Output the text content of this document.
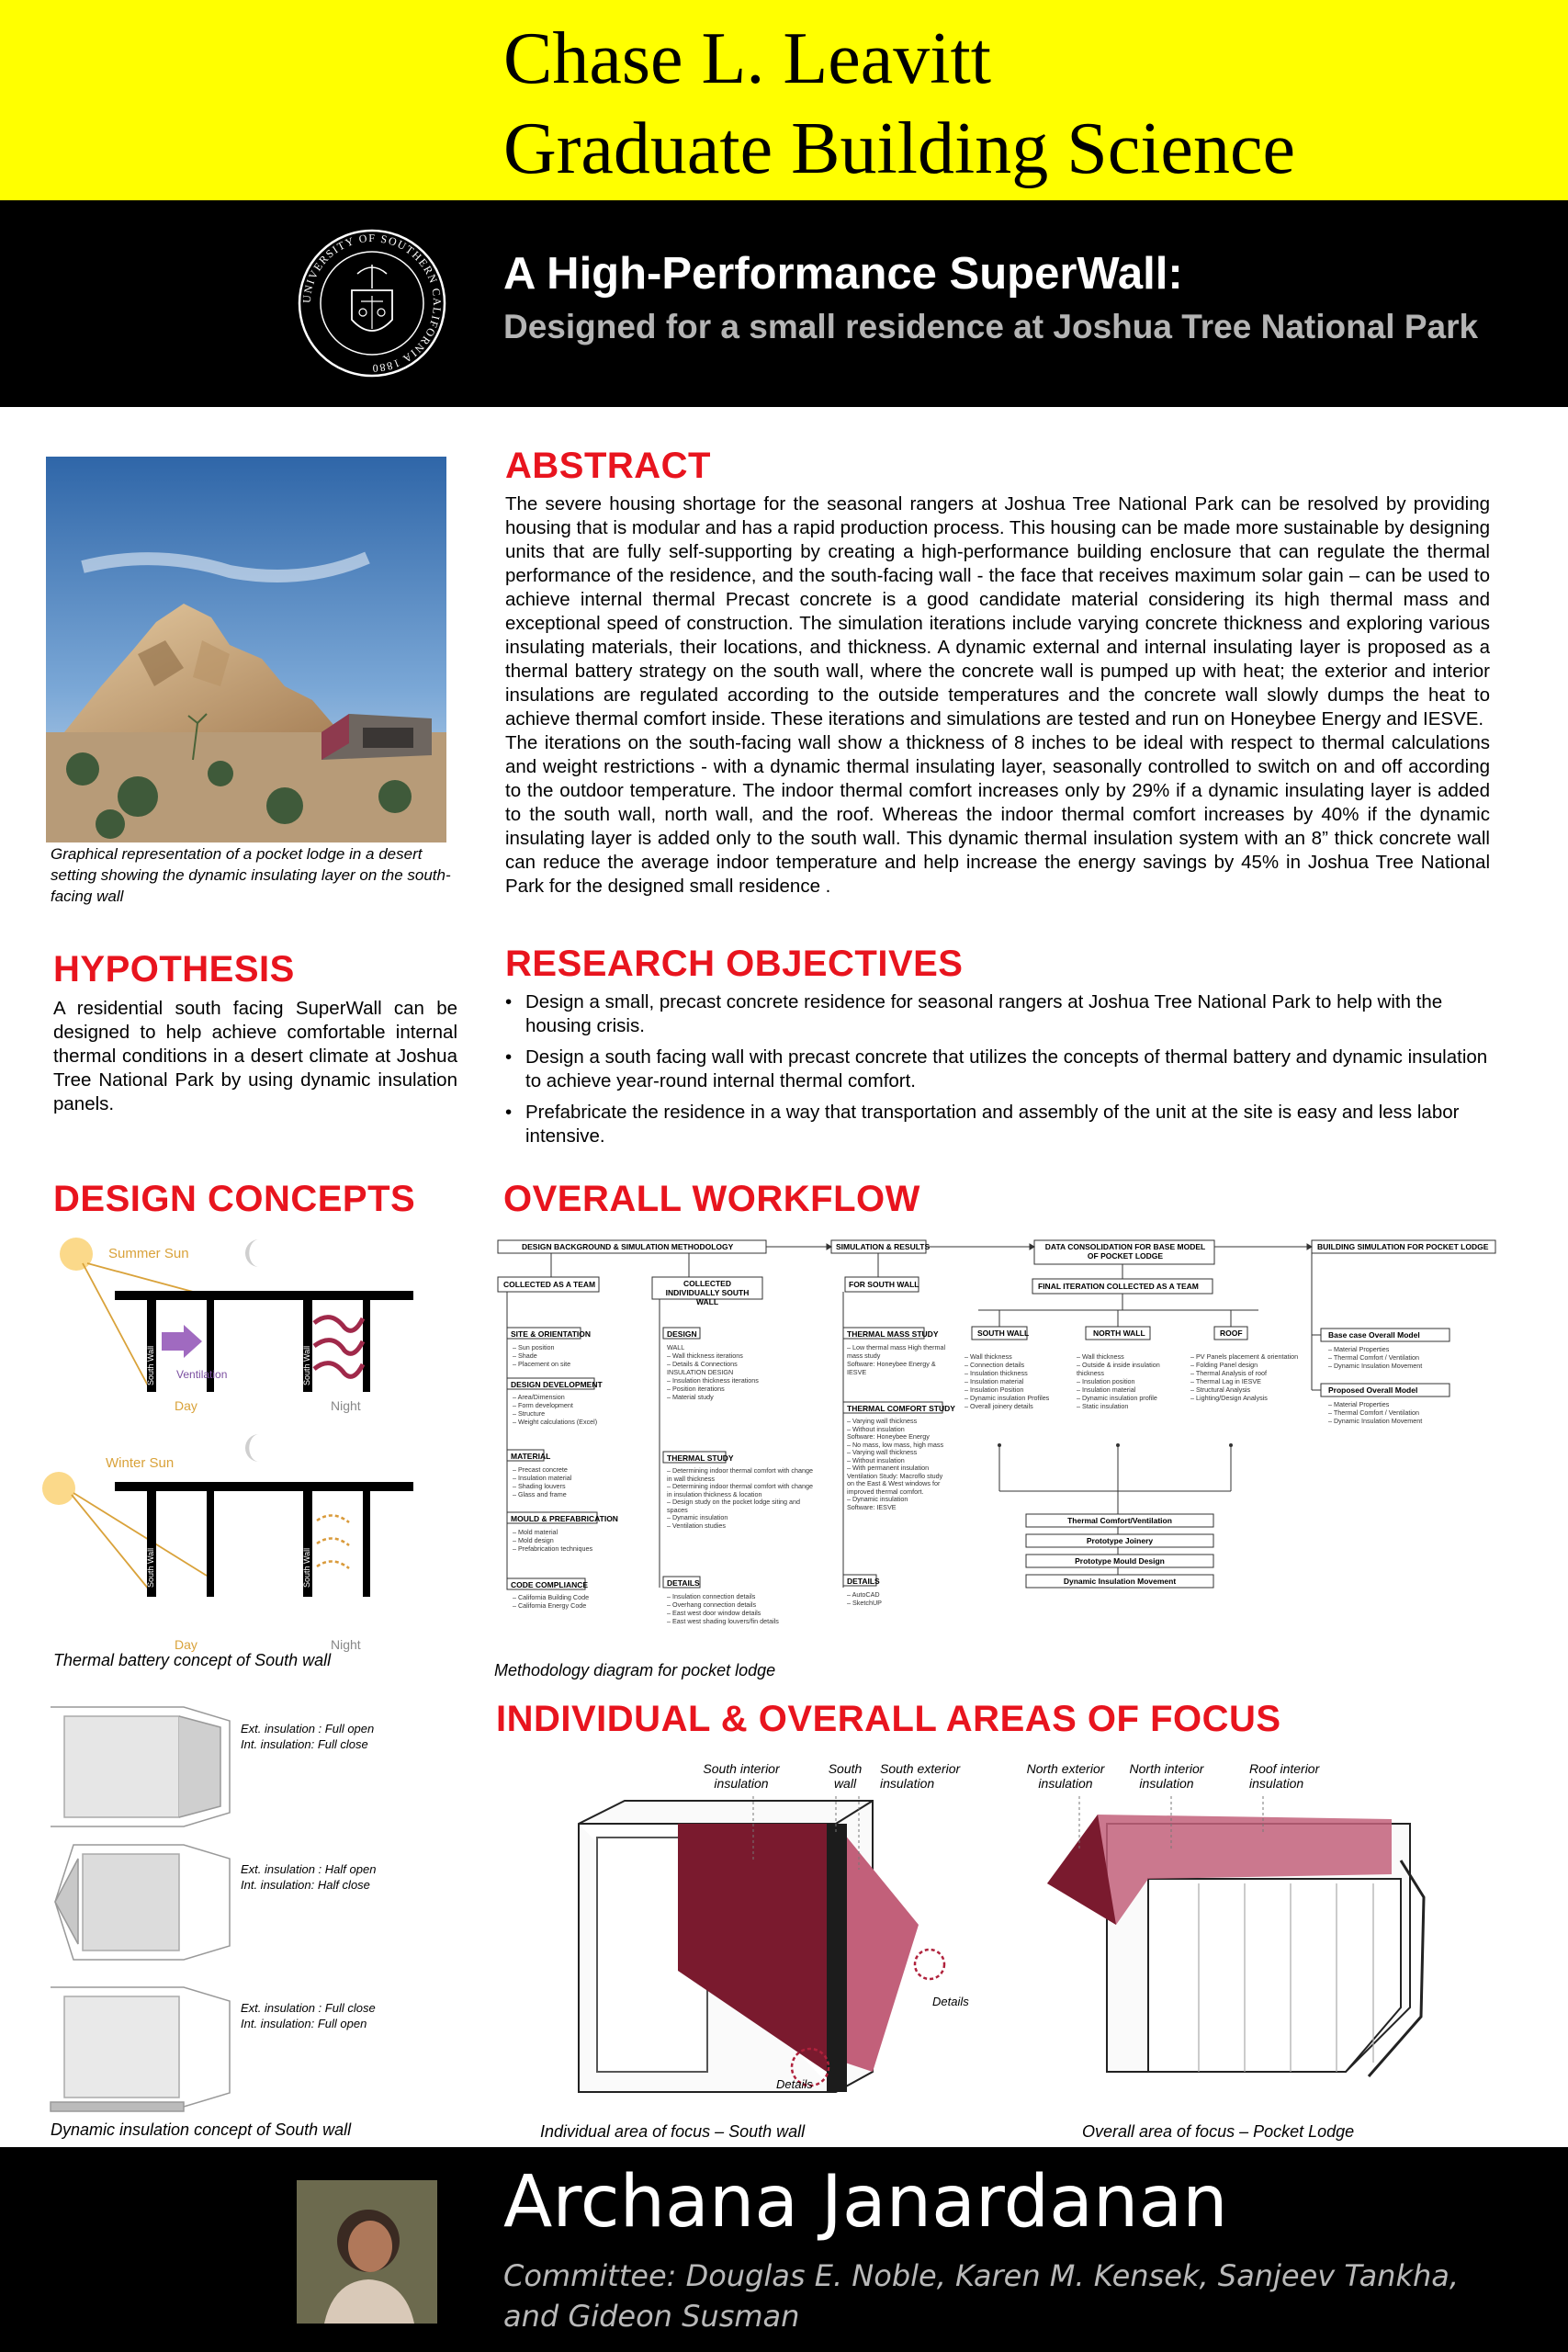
Chase L. Leavitt
Graduate Building Science
UNIVERSITY OF SOUTHERN CALIFORNIA 1880
A High-Performance SuperWall:
Designed for a small residence at Joshua Tree National Park
Graphical representation of a pocket lodge in a desert setting showing the dynamic insulating layer on the south-facing wall
ABSTRACT

The severe housing shortage for the seasonal rangers at Joshua Tree National Park can be resolved by providing housing that is modular and has a rapid production process. This housing can be made more sustainable by designing units that are fully self-supporting by creating a high-performance building enclosure that can regulate the thermal performance of the residence, and the south-facing wall - the face that receives maximum solar gain – can be used to achieve internal thermal Precast concrete is a good candidate material considering its high thermal mass and exceptional speed of construction. The simulation iterations include varying concrete thickness and exploring various insulating materials, their locations, and thickness. A dynamic external and internal insulating layer is proposed as a thermal battery strategy on the south wall, where the concrete wall is pumped up with heat; the exterior and interior insulations are regulated according to the outside temperatures and the concrete wall slowly dumps the heat to achieve thermal comfort inside. These iterations and simulations are tested and run on Honeybee Energy and IESVE.

The iterations on the south-facing wall show a thickness of 8 inches to be ideal with respect to thermal calculations and weight restrictions - with a dynamic thermal insulating layer, seasonally controlled to switch on and off according to the outdoor temperature. The indoor thermal comfort increases only by 29% if a dynamic insulating layer is added to the south wall, north wall, and the roof. Whereas the indoor thermal comfort increases by 40% if the dynamic insulating layer is added only to the south wall. This dynamic thermal insulation system with an 8” thick concrete wall can reduce the average indoor temperature and help increase the energy savings by 45% in Joshua Tree National Park for the designed small residence .

HYPOTHESIS
A residential south facing SuperWall can be designed to help achieve comfortable internal thermal conditions in a desert climate at Joshua Tree National Park by using dynamic insulation panels.
RESEARCH OBJECTIVES
• Design a small, precast concrete residence for seasonal rangers at Joshua Tree National Park to help with the housing crisis.
• Design a south facing wall with precast concrete that utilizes the concepts of thermal battery and dynamic insulation to achieve year-round internal thermal comfort.
• Prefabricate the residence in a way that transportation and assembly of the unit at the site is easy and less labor intensive.
DESIGN CONCEPTS
Summer Sun
South Wall Ventilation
Day
South Wall
Night
Winter Sun
South Wall
Day
South Wall
Night
Thermal battery concept of South wall
Ext. insulation : Full open
Int. insulation: Full close
Ext. insulation : Half open
Int. insulation: Half close
Ext. insulation : Full close
Int. insulation: Full open
Dynamic insulation concept of South wall
OVERALL WORKFLOW
DESIGN BACKGROUND & SIMULATION METHODOLOGY	SIMULATION & RESULTS	DATA CONSOLIDATION FOR BASE MODEL OF POCKET LODGE
BUILDING SIMULATION FOR POCKET LODGE
COLLECTED AS A TEAM	COLLECTED INDIVIDUALLY SOUTH WALL
FOR SOUTH WALL	FINAL ITERATION COLLECTED AS A TEAM
SOUTH WALL	NORTH WALL	ROOF	Base case Overall Model
Proposed Overall Model
SITE & ORIENTATION
– Sun position
– Shade
– Placement on site
DESIGN DEVELOPMENT
– Area/Dimension
– Form development
– Structure
– Weight calculations (Excel)
MATERIAL
– Precast concrete
– Insulation material
– Shading louvers
– Glass and frame
MOULD & PREFABRICATION
– Mold material
– Mold design
– Prefabrication techniques
CODE COMPLIANCE
– California Building Code
– California Energy Code
DESIGN
WALL
– Wall thickness iterations
– Details & Connections
INSULATION DESIGN
– Insulation thickness iterations
– Position iterations
– Material study
THERMAL STUDY
– Determining indoor thermal comfort with change in wall thickness
– Determining indoor thermal comfort with change in insulation thickness & location
– Design study on the pocket lodge siting and spaces
– Dynamic insulation
– Ventilation studies
DETAILS
– Insulation connection details
– Overhang connection details
– East west door window details
– East west shading louvers/fin details
THERMAL MASS STUDY
– Low thermal mass High thermal mass study
Software: Honeybee Energy & IESVE
THERMAL COMFORT STUDY
– Varying wall thickness
– Without insulation
Software: Honeybee Energy
– No mass, low mass, high mass
– Varying wall thickness
– Without insulation
– With permanent insulation
Ventilation Study: Macroflo study on the East & West windows for improved thermal comfort.
– Dynamic insulation
Software: IESVE
DETAILS
– AutoCAD
– SketchUP
– Wall thickness
– Connection details
– Insulation thickness
– Insulation material
– Insulation Position
– Dynamic insulation Profiles
– Overall joinery details
– Wall thickness
– Outside & inside insulation thickness
– Insulation position
– Insulation material
– Dynamic insulation profile
– Static insulation
– PV Panels placement & orientation
– Folding Panel design
– Thermal Analysis of roof
– Thermal Lag in IESVE
– Structural Analysis
– Lighting/Design Analysis
– Material Properties
– Thermal Comfort / Ventilation
– Dynamic Insulation Movement
– Material Properties
– Thermal Comfort / Ventilation
– Dynamic Insulation Movement
Thermal Comfort/Ventilation
Prototype Joinery
Prototype Mould Design
Dynamic Insulation Movement
Methodology diagram for pocket lodge
INDIVIDUAL & OVERALL AREAS OF FOCUS
South interior insulation
South wall
South exterior insulation
North exterior insulation
North interior insulation
Roof interior insulation
Details
Details
Individual area of focus – South wall	Overall area of focus – Pocket Lodge
Archana Janardanan
Committee: Douglas E. Noble, Karen M. Kensek, Sanjeev Tankha, and Gideon Susman
